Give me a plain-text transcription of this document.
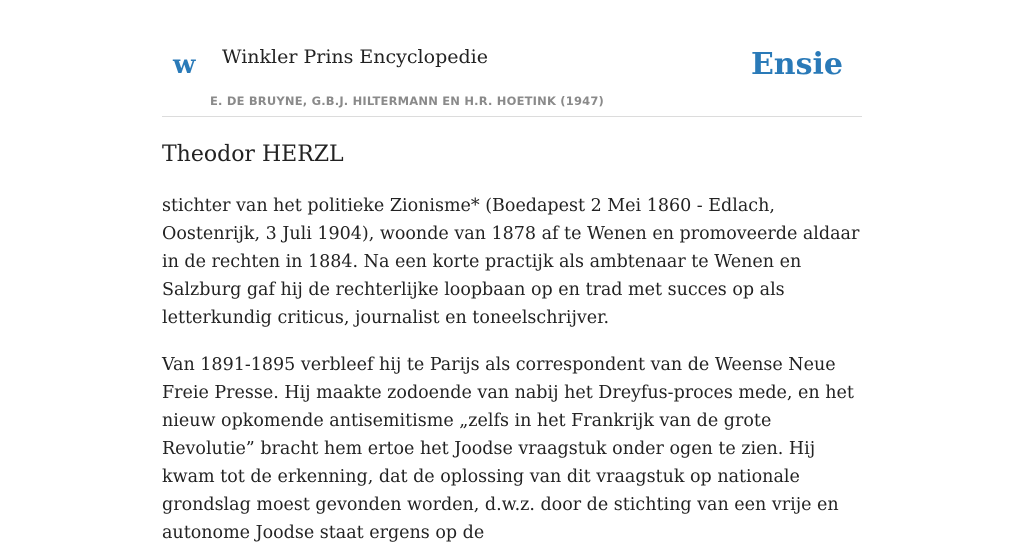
w Winkler Prins Encyclopedie
E. DE BRUYNE, G.B.J. HILTERMANN EN H.R. HOETINK (1947)
Ensie
Theodor HERZL

stichter van het politieke Zionisme* (Boedapest 2 Mei 1860 - Edlach, Oostenrijk, 3 Juli 1904), woonde van 1878 af te Wenen en promoveerde aldaar in de rechten in 1884. Na een korte practijk als ambtenaar te Wenen en Salzburg gaf hij de rechterlijke loopbaan op en trad met succes op als letterkundig criticus, journalist en toneelschrijver.

Van 1891-1895 verbleef hij te Parijs als correspondent van de Weense Neue Freie Presse. Hij maakte zodoende van nabij het Dreyfus-proces mede, en het nieuw opkomende antisemitisme „zelfs in het Frankrijk van de grote Revolutie” bracht hem ertoe het Joodse vraagstuk onder ogen te zien. Hij kwam tot de erkenning, dat de oplossing van dit vraagstuk op nationale grondslag moest gevonden worden, d.w.z. door de stichting van een vrije en autonome Joodse staat ergens op de
